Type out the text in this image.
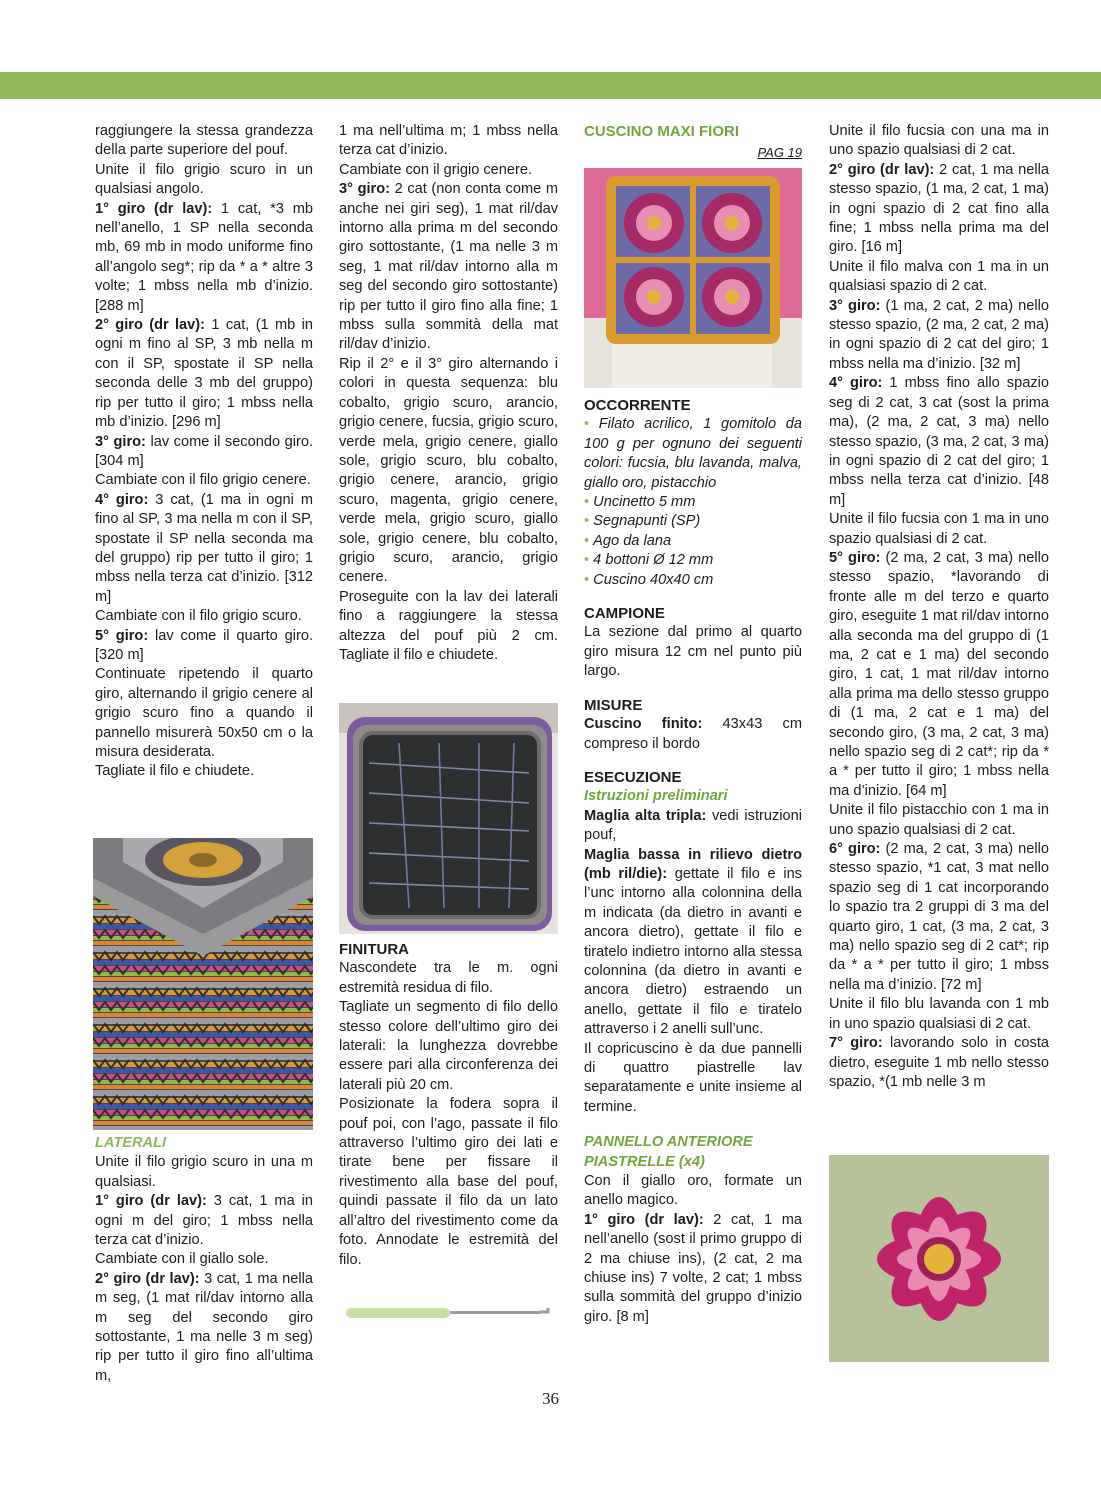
raggiungere la stessa grandezza della parte superiore del pouf.

Unite il filo grigio scuro in un qualsiasi angolo.

1° giro (dr lav): 1 cat, *3 mb nell’anello, 1 SP nella seconda mb, 69 mb in modo uniforme fino all’angolo seg*; rip da * a * altre 3 volte; 1 mbss nella mb d’inizio. [288 m]

2° giro (dr lav): 1 cat, (1 mb in ogni m fino al SP, 3 mb nella m con il SP, spostate il SP nella seconda delle 3 mb del gruppo) rip per tutto il giro; 1 mbss nella mb d’inizio. [296 m]

3° giro: lav come il secondo giro. [304 m]

Cambiate con il filo grigio cenere.

4° giro: 3 cat, (1 ma in ogni m fino al SP, 3 ma nella m con il SP, spostate il SP nella seconda ma del gruppo) rip per tutto il giro; 1 mbss nella terza cat d’inizio. [312 m]

Cambiate con il filo grigio scuro.

5° giro: lav come il quarto giro. [320 m]

Continuate ripetendo il quarto giro, alternando il grigio cenere al grigio scuro fino a quando il pannello misurerà 50x50 cm o la misura desiderata.

Tagliate il filo e chiudete.

LATERALI

Unite il filo grigio scuro in una m qualsiasi.

1° giro (dr lav): 3 cat, 1 ma in ogni m del giro; 1 mbss nella terza cat d’inizio.

Cambiate con il giallo sole.

2° giro (dr lav): 3 cat, 1 ma nella m seg, (1 mat ril/dav intorno alla m seg del secondo giro sottostante, 1 ma nelle 3 m seg) rip per tutto il giro fino all’ultima m,

1 ma nell’ultima m; 1 mbss nella terza cat d’inizio.

Cambiate con il grigio cenere.

3° giro: 2 cat (non conta come m anche nei giri seg), 1 mat ril/dav intorno alla prima m del secondo giro sottostante, (1 ma nelle 3 m seg, 1 mat ril/dav intorno alla m seg del secondo giro sottostante) rip per tutto il giro fino alla fine; 1 mbss sulla sommità della mat ril/dav d’inizio.

Rip il 2° e il 3° giro alternando i colori in questa sequenza: blu cobalto, grigio scuro, arancio, grigio cenere, fucsia, grigio scuro, verde mela, grigio cenere, giallo sole, grigio scuro, blu cobalto, grigio cenere, arancio, grigio scuro, magenta, grigio cenere, verde mela, grigio scuro, giallo sole, grigio cenere, blu cobalto, grigio scuro, arancio, grigio cenere.

Proseguite con la lav dei laterali fino a raggiungere la stessa altezza del pouf più 2 cm. Tagliate il filo e chiudete.

FINITURA

Nascondete tra le m. ogni estremità residua di filo.

Tagliate un segmento di filo dello stesso colore dell’ultimo giro dei laterali: la lunghezza dovrebbe essere pari alla circonferenza dei laterali più 20 cm.

Posizionate la fodera sopra il pouf poi, con l’ago, passate il filo attraverso l’ultimo giro dei lati e tirate bene per fissare il rivestimento alla base del pouf, quindi passate il filo da un lato all’altro del rivestimento come da foto. Annodate le estremità del filo.

CUSCINO MAXI FIORI

PAG 19

OCCORRENTE

• Filato acrilico, 1 gomitolo da 100 g per ognuno dei seguenti colori: fucsia, blu lavanda, malva, giallo oro, pistacchio

• Uncinetto 5 mm

• Segnapunti (SP)

• Ago da lana

• 4 bottoni Ø 12 mm

• Cuscino 40x40 cm

CAMPIONE

La sezione dal primo al quarto giro misura 12 cm nel punto più largo.

MISURE

Cuscino finito: 43x43 cm compreso il bordo

ESECUZIONE

Istruzioni preliminari

Maglia alta tripla: vedi istruzioni pouf,

Maglia bassa in rilievo dietro (mb ril/die): gettate il filo e ins l’unc intorno alla colonnina della m indicata (da dietro in avanti e ancora dietro), gettate il filo e tiratelo indietro intorno alla stessa colonnina (da dietro in avanti e ancora dietro) estraendo un anello, gettate il filo e tiratelo attraverso i 2 anelli sull’unc.

Il copricuscino è da due pannelli di quattro piastrelle lav separatamente e unite insieme al termine.

PANNELLO ANTERIORE PIASTRELLE (x4)

Con il giallo oro, formate un anello magico.

1° giro (dr lav): 2 cat, 1 ma nell’anello (sost il primo gruppo di 2 ma chiuse ins), (2 cat, 2 ma chiuse ins) 7 volte, 2 cat; 1 mbss sulla sommità del gruppo d’inizio giro. [8 m]

Unite il filo fucsia con una ma in uno spazio qualsiasi di 2 cat.

2° giro (dr lav): 2 cat, 1 ma nella stesso spazio, (1 ma, 2 cat, 1 ma) in ogni spazio di 2 cat fino alla fine; 1 mbss nella prima ma del giro. [16 m]

Unite il filo malva con 1 ma in un qualsiasi spazio di 2 cat.

3° giro: (1 ma, 2 cat, 2 ma) nello stesso spazio, (2 ma, 2 cat, 2 ma) in ogni spazio di 2 cat del giro; 1 mbss nella ma d’inizio. [32 m]

4° giro: 1 mbss fino allo spazio seg di 2 cat, 3 cat (sost la prima ma), (2 ma, 2 cat, 3 ma) nello stesso spazio, (3 ma, 2 cat, 3 ma) in ogni spazio di 2 cat del giro; 1 mbss nella terza cat d’inizio. [48 m]

Unite il filo fucsia con 1 ma in uno spazio qualsiasi di 2 cat.

5° giro: (2 ma, 2 cat, 3 ma) nello stesso spazio, *lavorando di fronte alle m del terzo e quarto giro, eseguite 1 mat ril/dav intorno alla seconda ma del gruppo di (1 ma, 2 cat e 1 ma) del secondo giro, 1 cat, 1 mat ril/dav intorno alla prima ma dello stesso gruppo di (1 ma, 2 cat e 1 ma) del secondo giro, (3 ma, 2 cat, 3 ma) nello spazio seg di 2 cat*; rip da * a * per tutto il giro; 1 mbss nella ma d’inizio. [64 m]

Unite il filo pistacchio con 1 ma in uno spazio qualsiasi di 2 cat.

6° giro: (2 ma, 2 cat, 3 ma) nello stesso spazio, *1 cat, 3 mat nello spazio seg di 1 cat incorporando lo spazio tra 2 gruppi di 3 ma del quarto giro, 1 cat, (3 ma, 2 cat, 3 ma) nello spazio seg di 2 cat*; rip da * a * per tutto il giro; 1 mbss nella ma d’inizio. [72 m]

Unite il filo blu lavanda con 1 mb in uno spazio qualsiasi di 2 cat.

7° giro: lavorando solo in costa dietro, eseguite 1 mb nello stesso spazio, *(1 mb nelle 3 m

36
